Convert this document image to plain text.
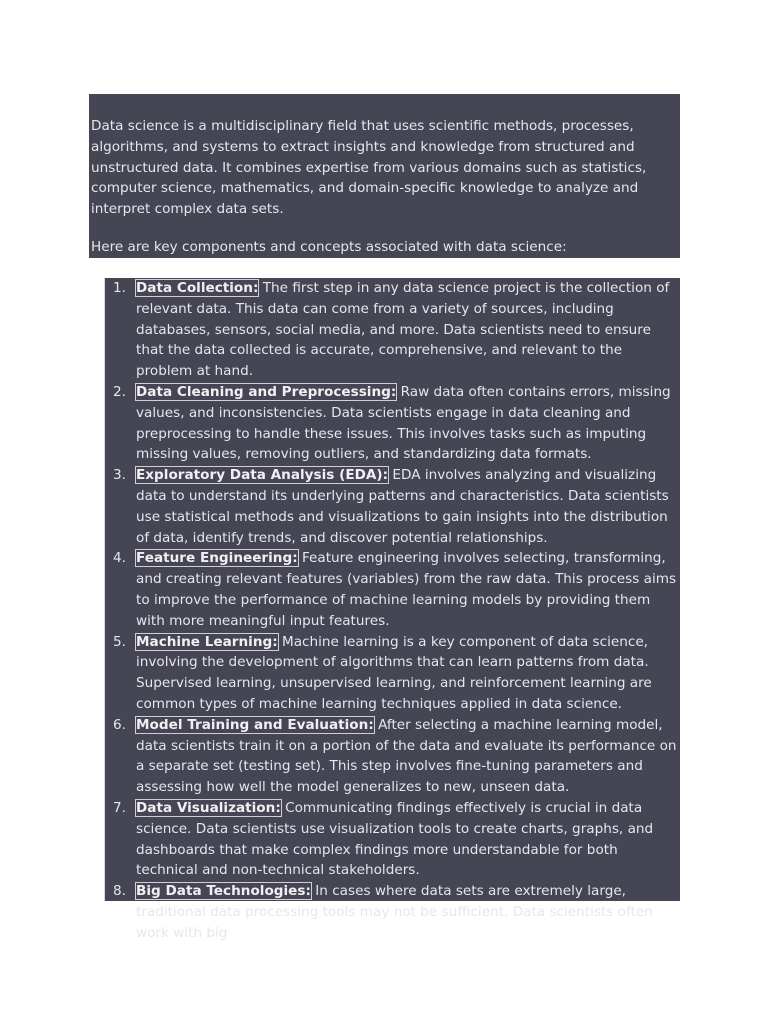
Data science is a multidisciplinary field that uses scientific methods, processes, algorithms, and systems to extract insights and knowledge from structured and unstructured data. It combines expertise from various domains such as statistics, computer science, mathematics, and domain-specific knowledge to analyze and interpret complex data sets.

Here are key components and concepts associated with data science:

1. Data Collection: The first step in any data science project is the collection of relevant data. This data can come from a variety of sources, including databases, sensors, social media, and more. Data scientists need to ensure that the data collected is accurate, comprehensive, and relevant to the problem at hand.
2. Data Cleaning and Preprocessing: Raw data often contains errors, missing values, and inconsistencies. Data scientists engage in data cleaning and preprocessing to handle these issues. This involves tasks such as imputing missing values, removing outliers, and standardizing data formats.
3. Exploratory Data Analysis (EDA): EDA involves analyzing and visualizing data to understand its underlying patterns and characteristics. Data scientists use statistical methods and visualizations to gain insights into the distribution of data, identify trends, and discover potential relationships.
4. Feature Engineering: Feature engineering involves selecting, transforming, and creating relevant features (variables) from the raw data. This process aims to improve the performance of machine learning models by providing them with more meaningful input features.
5. Machine Learning: Machine learning is a key component of data science, involving the development of algorithms that can learn patterns from data. Supervised learning, unsupervised learning, and reinforcement learning are common types of machine learning techniques applied in data science.
6. Model Training and Evaluation: After selecting a machine learning model, data scientists train it on a portion of the data and evaluate its performance on a separate set (testing set). This step involves fine-tuning parameters and assessing how well the model generalizes to new, unseen data.
7. Data Visualization: Communicating findings effectively is crucial in data science. Data scientists use visualization tools to create charts, graphs, and dashboards that make complex findings more understandable for both technical and non-technical stakeholders.
8. Big Data Technologies: In cases where data sets are extremely large, traditional data processing tools may not be sufficient. Data scientists often work with big
